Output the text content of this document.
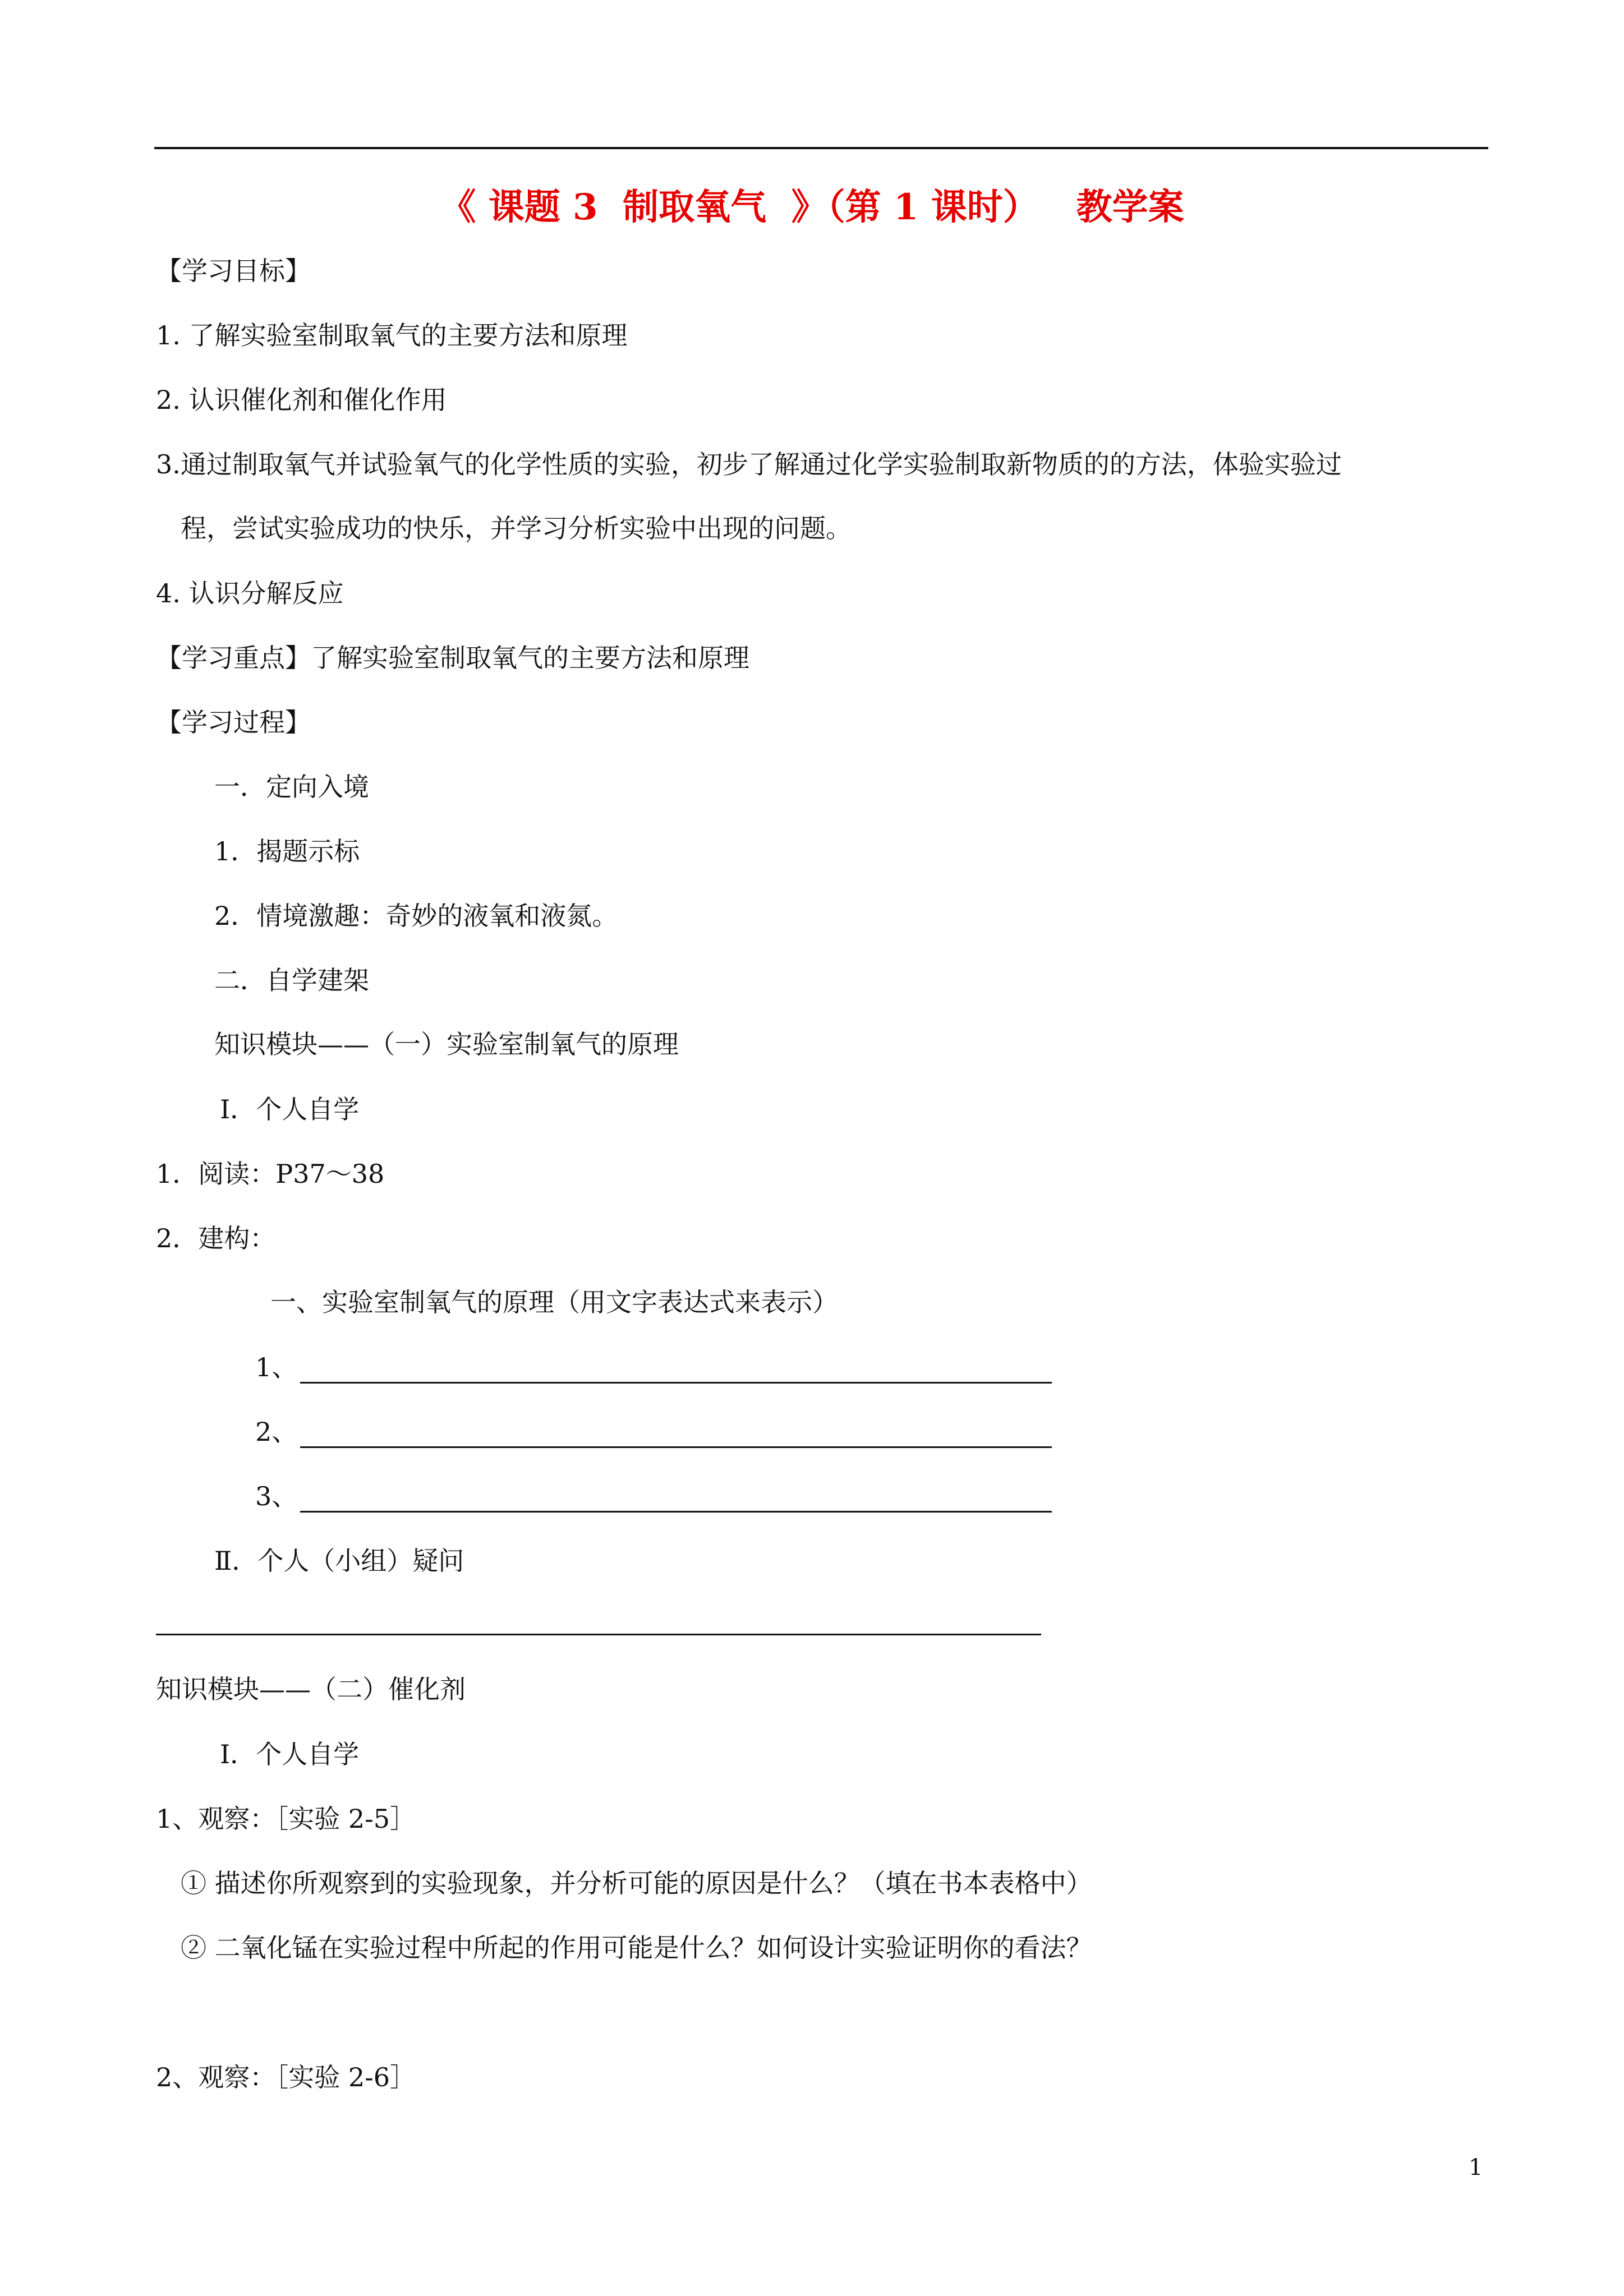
《 课题 3  制取氧气  》（第 1 课时）   教学案
【学习目标】
1. 了解实验室制取氧气的主要方法和原理
2. 认识催化剂和催化作用
3.通过制取氧气并试验氧气的化学性质的实验，初步了解通过化学实验制取新物质的的方法，体验实验过
程，尝试实验成功的快乐，并学习分析实验中出现的问题。
4. 认识分解反应
【学习重点】了解实验室制取氧气的主要方法和原理
【学习过程】
一．定向入境
1．揭题示标
2．情境激趣：奇妙的液氧和液氮。
二．自学建架
知识模块——（一）实验室制氧气的原理
Ⅰ．个人自学
1．阅读：P37～38
2．建构：
一、实验室制氧气的原理（用文字表达式来表示）
1、
2、
3、
Ⅱ．个人（小组）疑问
知识模块——（二）催化剂
Ⅰ．个人自学
1、观察：［实验 2-5］
① 描述你所观察到的实验现象，并分析可能的原因是什么？（填在书本表格中）
② 二氧化锰在实验过程中所起的作用可能是什么？如何设计实验证明你的看法？
2、观察：［实验 2-6］
1
